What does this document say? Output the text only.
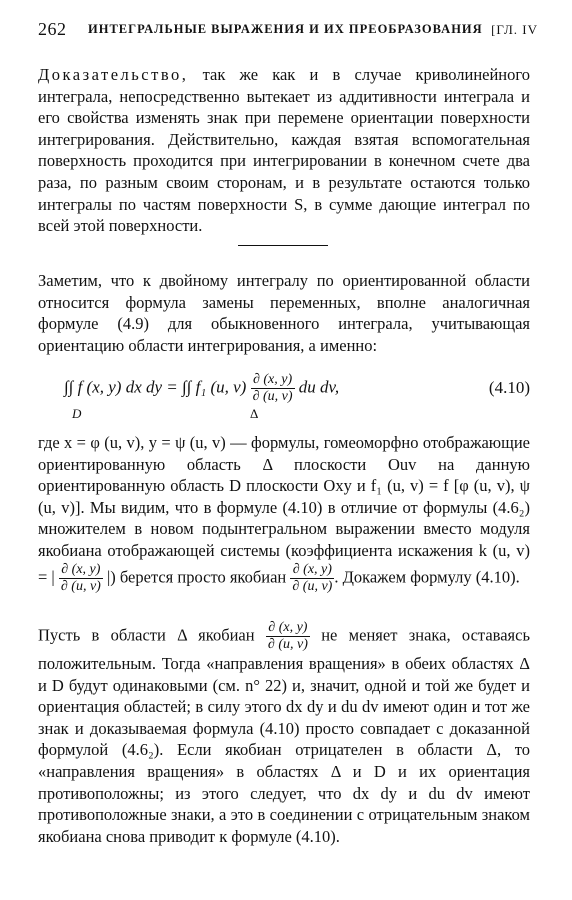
262 ИНТЕГРАЛЬНЫЕ ВЫРАЖЕНИЯ И ИХ ПРЕОБРАЗОВАНИЯ [ГЛ. IV

Доказательство, так же как и в случае криволинейного интеграла, непосредственно вытекает из аддитивности интеграла и его свойства изменять знак при перемене ориентации поверхности интегрирования. Действительно, каждая взятая вспомогательная поверхность проходится при интегрировании в конечном счете два раза, по разным своим сторонам, и в результате остаются только интегралы по частям поверхности S, в сумме дающие интеграл по всей этой поверхности.

Заметим, что к двойному интегралу по ориентированной области относится формула замены переменных, вполне аналогичная формуле (4.9) для обыкновенного интеграла, учитывающая ориентацию области интегрирования, а именно:

∫∫ f (x, y) dx dy = ∫∫ f₁ (u, $v) \frac{\partial (x, y)}{\partial (u, v)}$ du dv,
D	Δ
(4.10)

где x = φ (u, v), y = ψ (u, v) — формулы, гомеоморфно отображающие ориентированную область Δ плоскости Ouv на данную ориентированную область D плоскости Oxy и f₁ (u, v) = f [φ (u, v), ψ (u, v)]. Мы видим, что в формуле (4.10) в отличие от формулы (4.6₂) множителем в новом подынтегральном выражении вместо модуля якобиана отображающей системы (коэффициента искажения k (u, v) = | $\frac{\partial (x, y)}{\partial (u, v)}$ |) берется просто якобиан $\frac{\partial (x, y)}{\partial (u, v)}$ . Докажем формулу (4.10).

Пусть в области Δ якобиан $\frac{\partial (x, y)}{\partial (u, v)}$ не меняет знака, оставаясь положительным. Тогда «направления вращения» в обеих областях Δ и D будут одинаковыми (см. n° 22) и, значит, одной и той же будет и ориентация областей; в силу этого dx dy и du dv имеют один и тот же знак и доказываемая формула (4.10) просто совпадает с доказанной формулой (4.6₂). Если якобиан отрицателен в области Δ, то «направления вращения» в областях Δ и D и их ориентация противоположны; из этого следует, что dx dy и du dv имеют противоположные знаки, а это в соединении с отрицательным знаком якобиана снова приводит к формуле (4.10).
